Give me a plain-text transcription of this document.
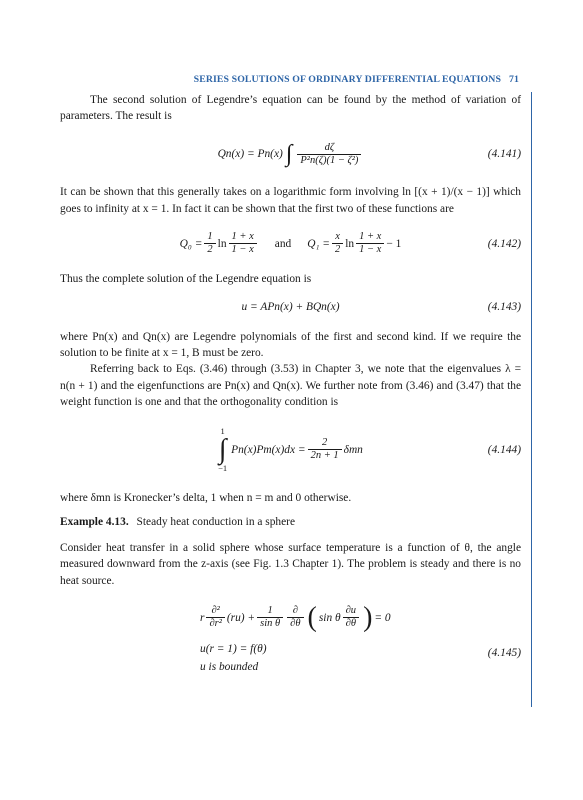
SERIES SOLUTIONS OF ORDINARY DIFFERENTIAL EQUATIONS 71

The second solution of Legendre’s equation can be found by the method of variation of parameters. The result is

Qn(x) = Pn(x) ∫ $\frac{d\zeta}{\text{P²n(ζ)(1 − ζ²)}}$	(4.141)

It can be shown that this generally takes on a logarithmic form involving ln [(x + 1)/(x − 1)] which goes to infinity at x = 1. In fact it can be shown that the first two of these functions are

$Q_0 = \frac{1}{2}$ $\ln \frac{1 + x}{1 - x}$ and $Q_1 = \frac{x}{2}$ $\ln \frac{1 + x}{1 - x} - 1$	(4.142)

Thus the complete solution of the Legendre equation is

u = APn(x) + BQn(x)	(4.143)

where Pn(x) and Qn(x) are Legendre polynomials of the first and second kind. If we require the solution to be finite at x = 1, B must be zero.

Referring back to Eqs. (3.46) through (3.53) in Chapter 3, we note that the eigenvalues λ = n(n + 1) and the eigenfunctions are Pn(x) and Qn(x). We further note from (3.46) and (3.47) that the weight function is one and that the orthogonality condition is

1
∫
−1
$Pn(x)Pm(x)dx = \frac{2}{2n + 1}$ δmn	(4.144)

where δmn is Kronecker’s delta, 1 when n = m and 0 otherwise.

Example 4.13. Steady heat conduction in a sphere

Consider heat transfer in a solid sphere whose surface temperature is a function of θ, the angle measured downward from the z-axis (see Fig. 1.3 Chapter 1). The problem is steady and there is no heat source.

r $\frac{\text{∂²}}{\text{∂r²}} (ru) + \frac{1}{\text{sin θ}} \frac{\partial}{\partial\theta}$ ( sin θ $\frac{\partial u}{\partial\theta}$ ) = 0
u(r = 1) = f(θ)
u is bounded
(4.145)
